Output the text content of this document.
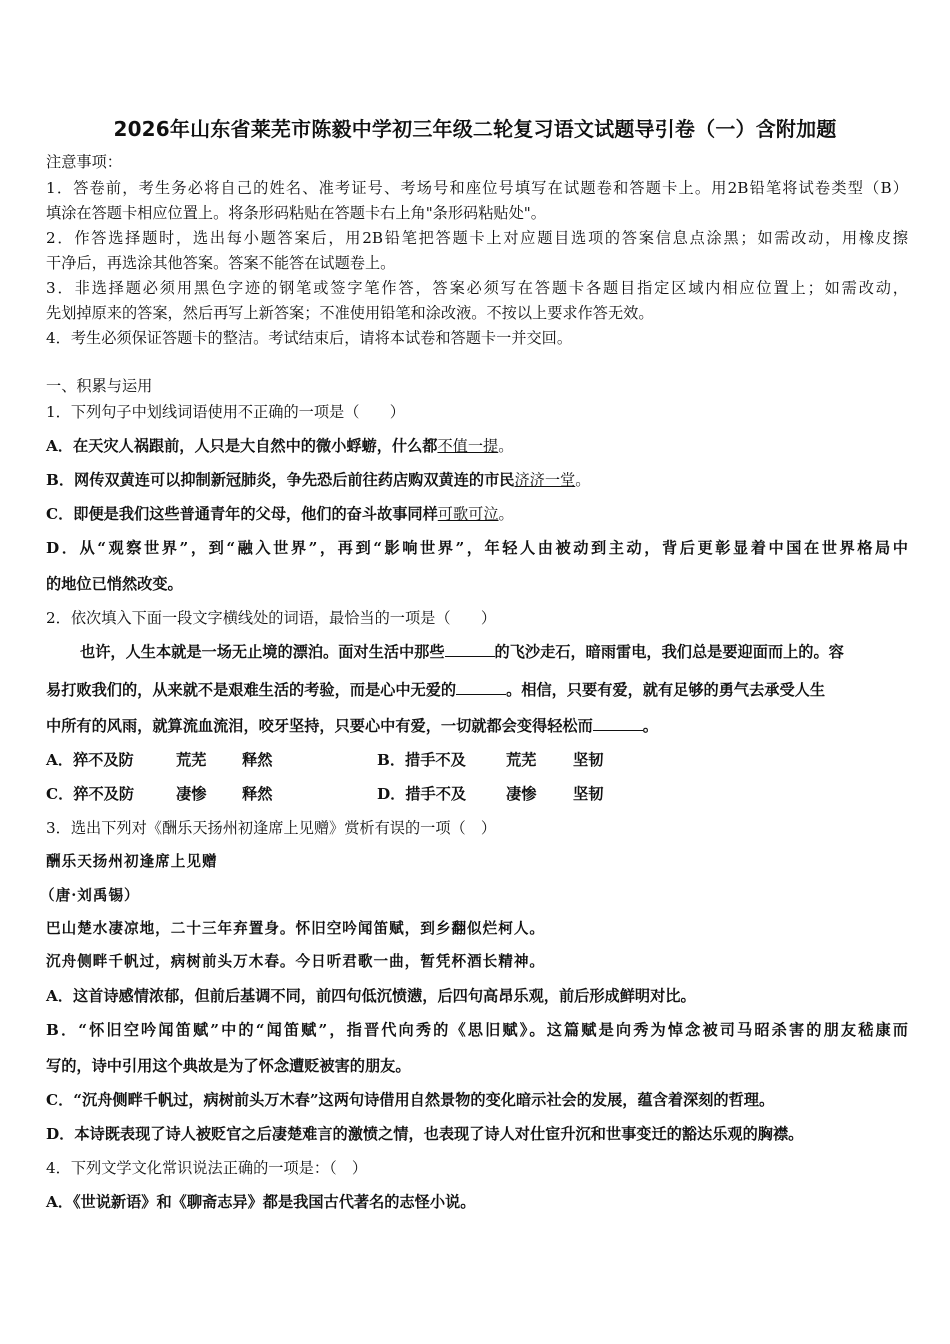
2026年山东省莱芜市陈毅中学初三年级二轮复习语文试题导引卷（一）含附加题
注意事项：
1．答卷前，考生务必将自己的姓名、准考证号、考场号和座位号填写在试题卷和答题卡上。用2B铅笔将试卷类型（B）
填涂在答题卡相应位置上。将条形码粘贴在答题卡右上角"条形码粘贴处"。
2．作答选择题时，选出每小题答案后，用2B铅笔把答题卡上对应题目选项的答案信息点涂黑；如需改动，用橡皮擦
干净后，再选涂其他答案。答案不能答在试题卷上。
3．非选择题必须用黑色字迹的钢笔或签字笔作答，答案必须写在答题卡各题目指定区域内相应位置上；如需改动，
先划掉原来的答案，然后再写上新答案；不准使用铅笔和涂改液。不按以上要求作答无效。
4．考生必须保证答题卡的整洁。考试结束后，请将本试卷和答题卡一并交回。
一、积累与运用
1．下列句子中划线词语使用不正确的一项是（　　）
A．在天灾人祸跟前，人只是大自然中的微小蜉蝣，什么都不值一提。
B．网传双黄连可以抑制新冠肺炎，争先恐后前往药店购双黄连的市民济济一堂。
C．即便是我们这些普通青年的父母，他们的奋斗故事同样可歌可泣。
D．从“观察世界”，到“融入世界”，再到“影响世界”，年轻人由被动到主动，背后更彰显着中国在世界格局中
的地位已悄然改变。
2．依次填入下面一段文字横线处的词语，最恰当的一项是（　　）
也许，人生本就是一场无止境的漂泊。面对生活中那些	的飞沙走石，暗雨雷电，我们总是要迎面而上的。容
易打败我们的，从来就不是艰难生活的考验，而是心中无爱的	。相信，只要有爱，就有足够的勇气去承受人生
中所有的风雨，就算流血流泪，咬牙坚持，只要心中有爱，一切就都会变得轻松而	。
A．猝不及防	荒芜 释然	B．措手不及	荒芜 坚韧
C．猝不及防	凄惨 释然	D．措手不及	凄惨 坚韧
3．选出下列对《酬乐天扬州初逢席上见赠》赏析有误的一项（　）
酬乐天扬州初逢席上见赠
（唐·刘禹锡）
巴山楚水凄凉地，二十三年弃置身。怀旧空吟闻笛赋，到乡翻似烂柯人。
沉舟侧畔千帆过，病树前头万木春。今日听君歌一曲，暂凭杯酒长精神。
A．这首诗感情浓郁，但前后基调不同，前四句低沉愤懑，后四句高昂乐观，前后形成鲜明对比。
B．“怀旧空吟闻笛赋”中的“闻笛赋”，指晋代向秀的《思旧赋》。这篇赋是向秀为悼念被司马昭杀害的朋友嵇康而
写的，诗中引用这个典故是为了怀念遭贬被害的朋友。
C．“沉舟侧畔千帆过，病树前头万木春”这两句诗借用自然景物的变化暗示社会的发展，蕴含着深刻的哲理。
D．本诗既表现了诗人被贬官之后凄楚难言的激愤之情，也表现了诗人对仕宦升沉和世事变迁的豁达乐观的胸襟。
4．下列文学文化常识说法正确的一项是：（　）
A．《世说新语》和《聊斋志异》都是我国古代著名的志怪小说。
